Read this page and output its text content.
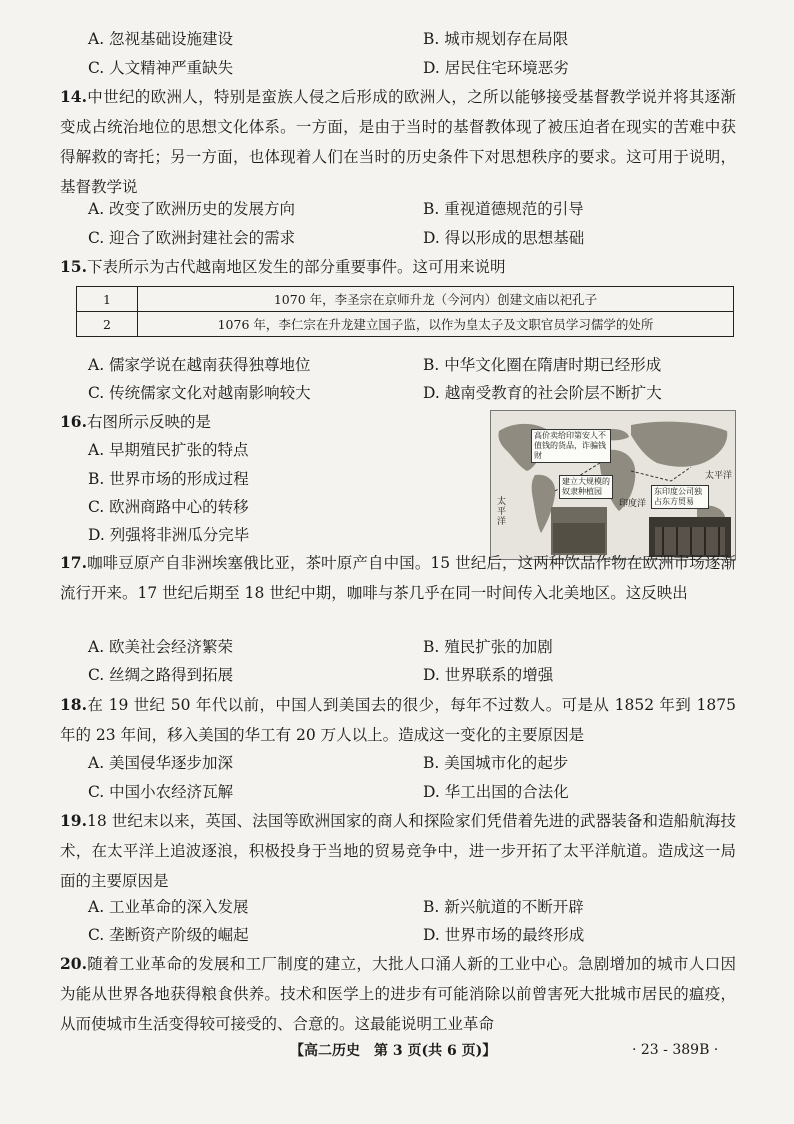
A. 忽视基础设施建设	B. 城市规划存在局限
C. 人文精神严重缺失	D. 居民住宅环境恶劣
14.中世纪的欧洲人，特别是蛮族人侵之后形成的欧洲人，之所以能够接受基督教学说并将其逐渐变成占统治地位的思想文化体系。一方面，是由于当时的基督教体现了被压迫者在现实的苦难中获得解救的寄托；另一方面，也体现着人们在当时的历史条件下对思想秩序的要求。这可用于说明，基督教学说
A. 改变了欧洲历史的发展方向	B. 重视道德规范的引导
C. 迎合了欧洲封建社会的需求	D. 得以形成的思想基础
15.下表所示为古代越南地区发生的部分重要事件。这可用来说明
1	1070 年，李圣宗在京师升龙（今河内）创建文庙以祀孔子
2	1076 年，李仁宗在升龙建立国子监，以作为皇太子及文职官员学习儒学的处所
A. 儒家学说在越南获得独尊地位	B. 中华文化圈在隋唐时期已经形成
C. 传统儒家文化对越南影响较大	D. 越南受教育的社会阶层不断扩大
16.右图所示反映的是
A. 早期殖民扩张的特点
B. 世界市场的形成过程
C. 欧洲商路中心的转移
D. 列强将非洲瓜分完毕
高价卖给印第安人不值钱的货品，诈骗钱财
建立大规模的奴隶种植园	东印度公司独占东方贸易
太平洋
太平洋
印度洋
17.咖啡豆原产自非洲埃塞俄比亚，茶叶原产自中国。15 世纪后，这两种饮品作物在欧洲市场逐渐流行开来。17 世纪后期至 18 世纪中期，咖啡与茶几乎在同一时间传入北美地区。这反映出
A. 欧美社会经济繁荣	B. 殖民扩张的加剧
C. 丝绸之路得到拓展	D. 世界联系的增强
18.在 19 世纪 50 年代以前，中国人到美国去的很少，每年不过数人。可是从 1852 年到 1875 年的 23 年间，移入美国的华工有 20 万人以上。造成这一变化的主要原因是
A. 美国侵华逐步加深	B. 美国城市化的起步
C. 中国小农经济瓦解	D. 华工出国的合法化
19.18 世纪末以来，英国、法国等欧洲国家的商人和探险家们凭借着先进的武器装备和造船航海技术，在太平洋上追波逐浪，积极投身于当地的贸易竞争中，进一步开拓了太平洋航道。造成这一局面的主要原因是
A. 工业革命的深入发展	B. 新兴航道的不断开辟
C. 垄断资产阶级的崛起	D. 世界市场的最终形成
20.随着工业革命的发展和工厂制度的建立，大批人口涌人新的工业中心。急剧增加的城市人口因为能从世界各地获得粮食供养。技术和医学上的进步有可能消除以前曾害死大批城市居民的瘟疫，从而使城市生活变得较可接受的、合意的。这最能说明工业革命
【高二历史　第 3 页(共 6 页)】	· 23 - 389B ·
